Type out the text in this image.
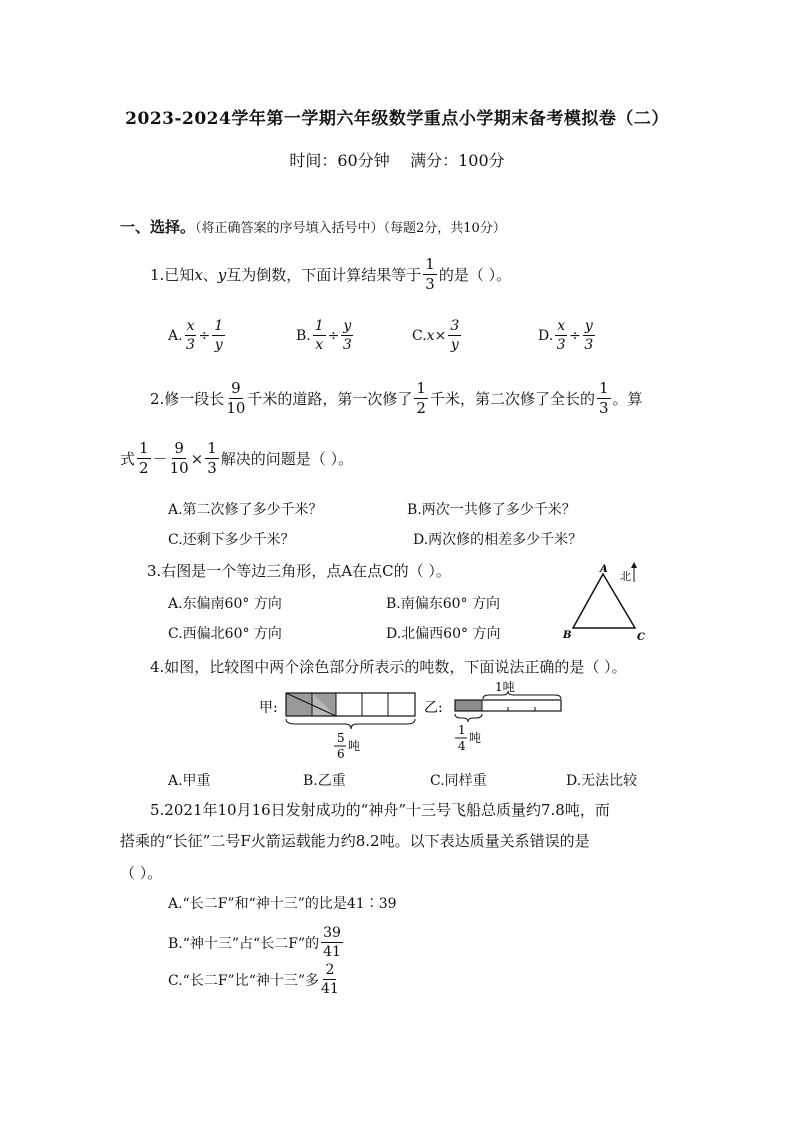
2023-2024学年第一学期六年级数学重点小学期末备考模拟卷（二）
时间：60分钟 满分：100分
一、选择。（将正确答案的序号填入括号中）（每题2分，共10分）
1.已知 x 、 y 互为倒数，下面计算结果等于 $\frac{1}{3}$ 的是（ ）。
A. $\frac{x}{3} \div \frac{1}{y}$	B. $\frac{1}{x} \div \frac{y}{3}$	C. $x \times \frac{3}{y}$	D. $\frac{x}{3} \div \frac{y}{3}$
2.修一段长 $\frac{9}{10}$ 千米的道路，第一次修了 $\frac{1}{2}$ 千米，第二次修了全长的 $\frac{1}{3}$ 。算
式 $\frac{1}{2} - \frac{9}{10} \times \frac{1}{3}$ 解决的问题是（ ）。
A.第二次修了多少千米？	B.两次一共修了多少千米？
C.还剩下多少千米？	D.两次修的相差多少千米？
3.右图是一个等边三角形，点A在点C的（ ）。
A.东偏南60° 方向	B.南偏东60° 方向
C.西偏北60° 方向	D.北偏西60° 方向
A
B	C
北
4.如图，比较图中两个涂色部分所表示的吨数，下面说法正确的是（ ）。
甲:
5
6
吨
乙:
1吨
1
4
吨
A.甲重	B.乙重	C.同样重	D.无法比较
5.2021年10月16日发射成功的“神舟”十三号飞船总质量约7.8吨，而
搭乘的“长征”二号F火箭运载能力约8.2吨。以下表达质量关系错误的是
（ ）。
A.“长二F”和“神十三”的比是41∶39
B.“神十三”占“长二F”的 $\frac{39}{41}$
C.“长二F”比“神十三”多 $\frac{2}{41}$
